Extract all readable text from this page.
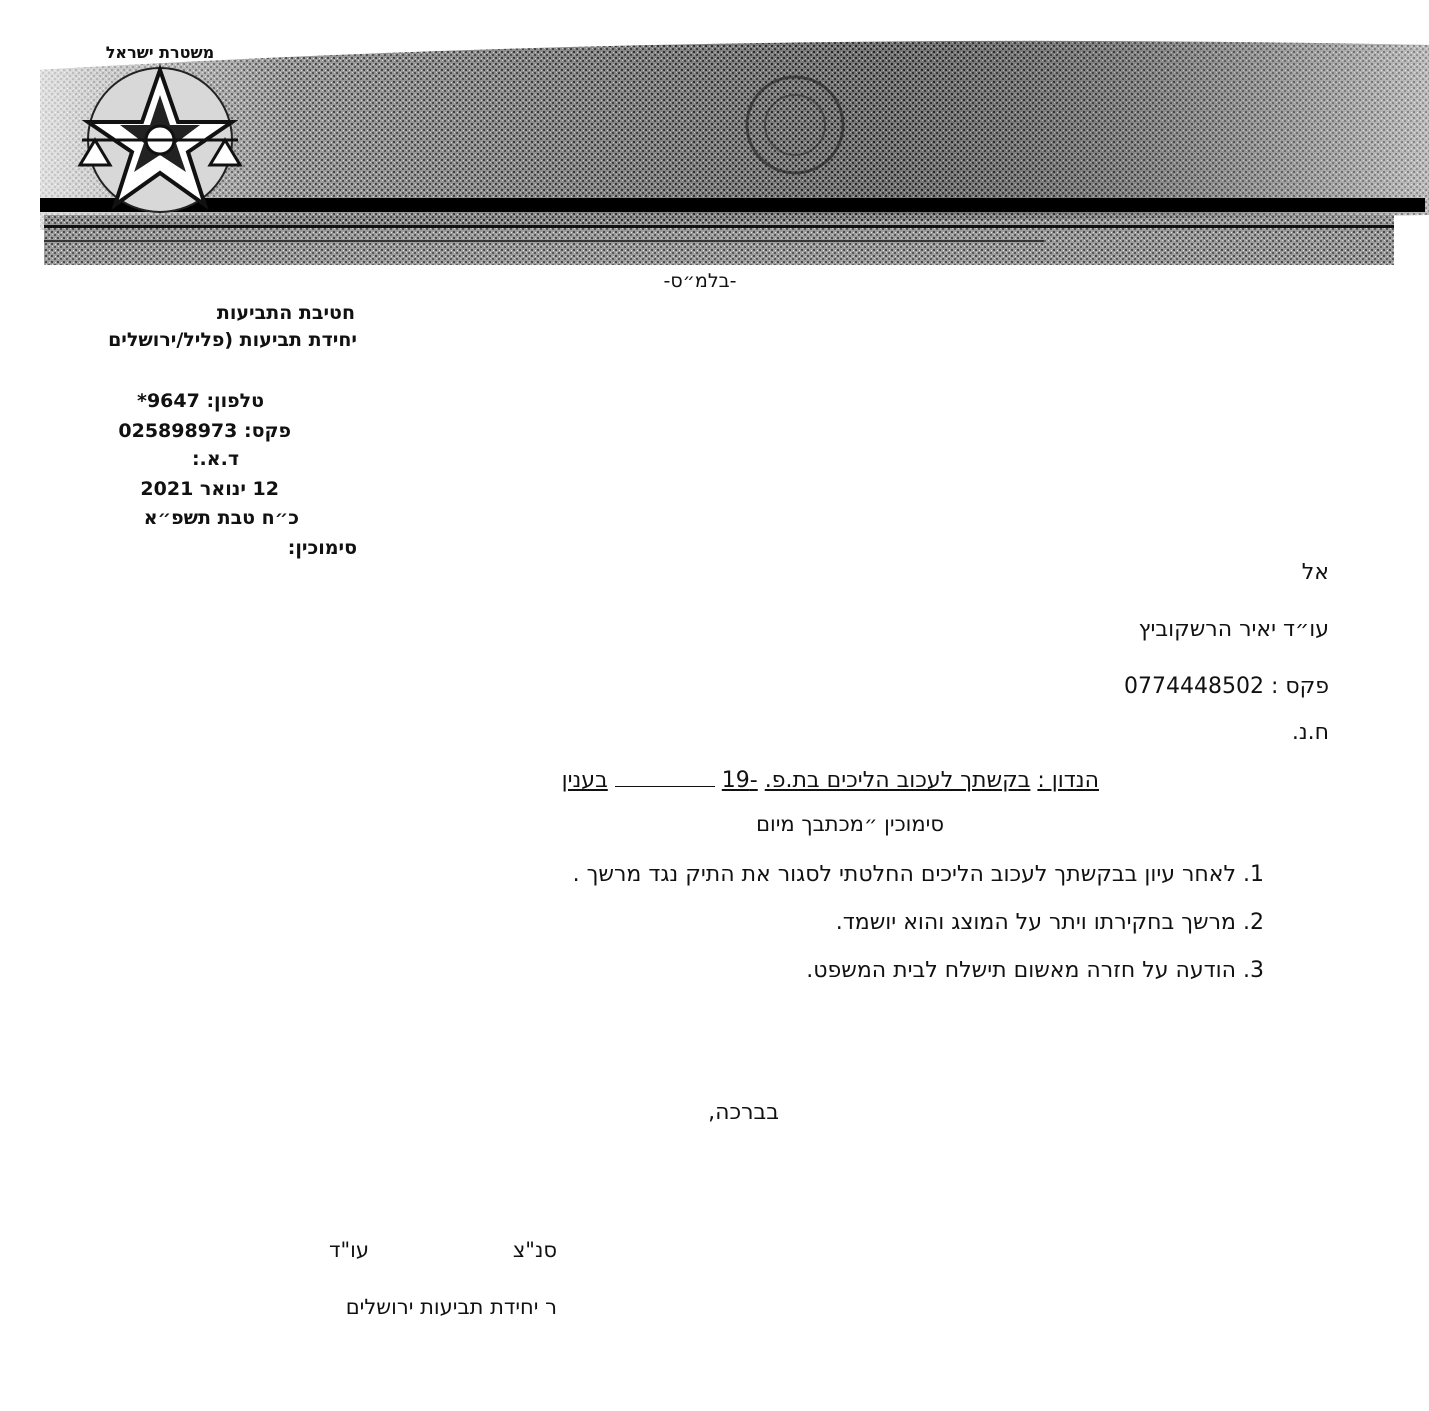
משטרת ישראל
-בלמ״ס-
חטיבת התביעות
יחידת תביעות (פליל/ירושלים
טלפון: 9647*
פקס: 025898973
ד.א.:
12 ינואר 2021
כ״ח טבת תשפ״א
סימוכין:
אל
עו״ד יאיר הרשקוביץ
פקס : 0774448502
ח.נ.
הנדון : בקשתך לעכוב הליכים בת.פ. -19  בענין
סימוכין ״מכתבך מיום
1. לאחר עיון בבקשתך לעכוב הליכים החלטתי לסגור את התיק נגד מרשך .
2. מרשך בחקירתו ויתר על המוצג והוא יושמד.
3. הודעה על חזרה מאשום תישלח לבית המשפט.
בברכה,
סנ"צ
עו"ד
ר יחידת תביעות ירושלים
